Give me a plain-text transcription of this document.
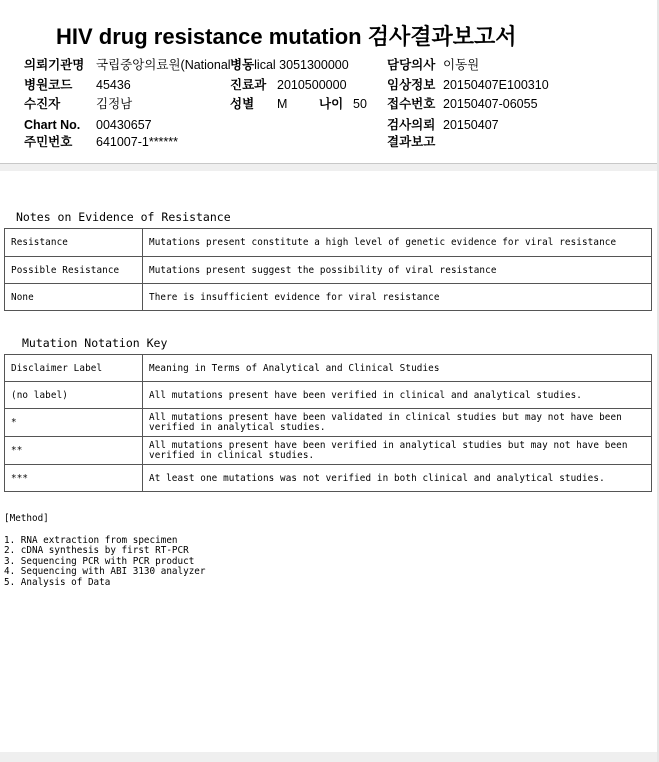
HIV drug resistance mutation 검사결과보고서
의뢰기관명 국립중앙의료원(National 병동lical 3051300000	담당의사 이동원
병원코드 45436	진료과 2010500000	임상정보 20150407E100310
수진자	김정남	성별 M	나이 50 접수번호 20150407-06055
Chart No. 00430657	검사의뢰 20150407
주민번호 641007-1******	결과보고
Notes on Evidence of Resistance
Resistance	Mutations present constitute a high level of genetic evidence for viral resistance
Possible Resistance	Mutations present suggest the possibility of viral resistance
None	There is insufficient evidence for viral resistance
Mutation Notation Key
Disclaimer Label	Meaning in Terms of Analytical and Clinical Studies
(no label)	All mutations present have been verified in clinical and analytical studies.
*	All mutations present have been validated in clinical studies but may not have been verified in analytical studies.
**	All mutations present have been verified in analytical studies but may not have been verified in clinical studies.
***	At least one mutations was not verified in both clinical and analytical studies.
[Method]
1. RNA extraction from specimen
2. cDNA synthesis by first RT-PCR
3. Sequencing PCR with PCR product
4. Sequencing with ABI 3130 analyzer
5. Analysis of Data
